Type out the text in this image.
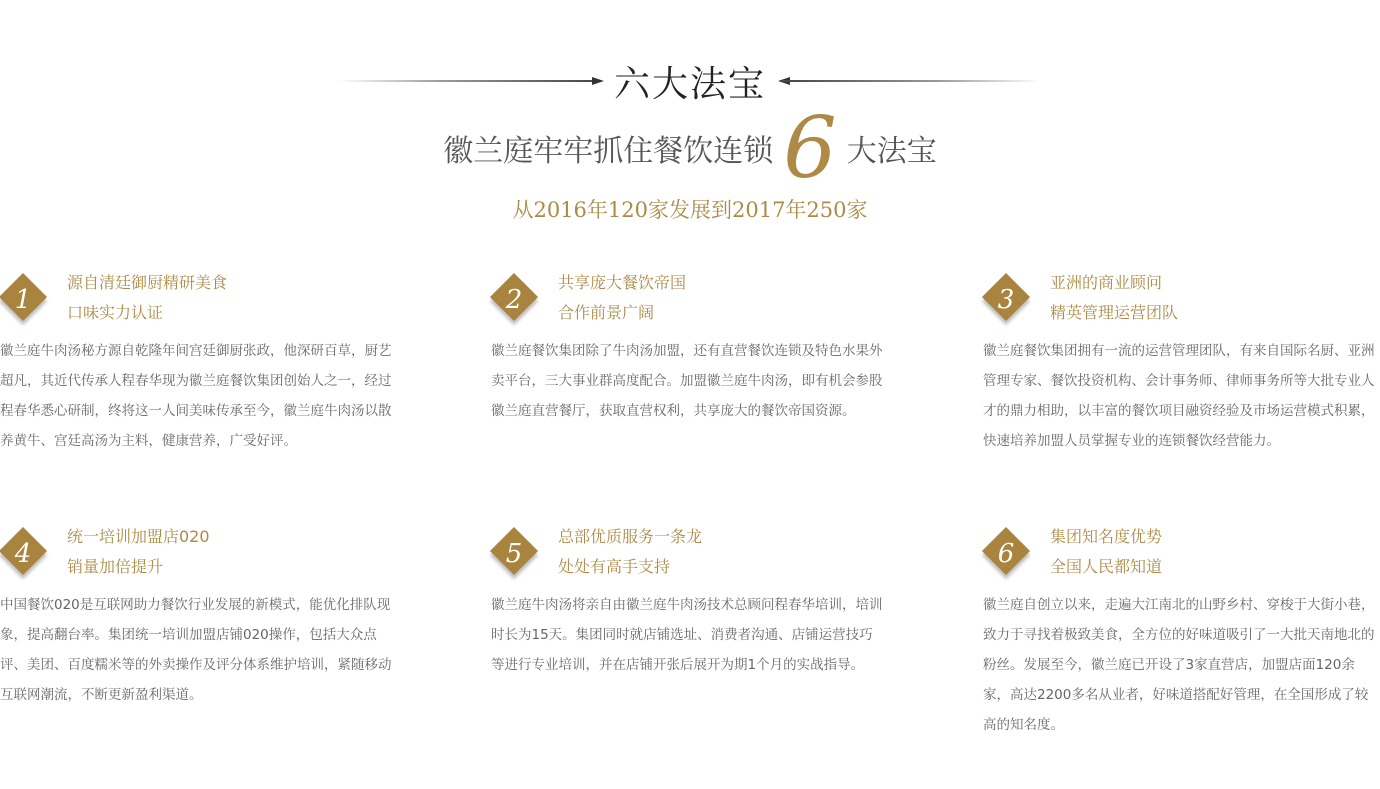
六大法宝
徽兰庭牢牢抓住餐饮连锁 6 大法宝
从2016年120家发展到2017年250家
1
源自清廷御厨精研美食
口味实力认证
徽兰庭牛肉汤秘方源自乾隆年间宫廷御厨张政，他深研百草，厨艺超凡，其近代传承人程春华现为徽兰庭餐饮集团创始人之一，经过程春华悉心研制，终将这一人间美味传承至今，徽兰庭牛肉汤以散养黄牛、宫廷高汤为主料，健康营养，广受好评。
2
共享庞大餐饮帝国
合作前景广阔
徽兰庭餐饮集团除了牛肉汤加盟，还有直营餐饮连锁及特色水果外卖平台，三大事业群高度配合。加盟徽兰庭牛肉汤，即有机会参股徽兰庭直营餐厅，获取直营权利，共享庞大的餐饮帝国资源。
3
亚洲的商业顾问
精英管理运营团队
徽兰庭餐饮集团拥有一流的运营管理团队，有来自国际名厨、亚洲管理专家、餐饮投资机构、会计事务师、律师事务所等大批专业人才的鼎力相助，以丰富的餐饮项目融资经验及市场运营模式积累，快速培养加盟人员掌握专业的连锁餐饮经营能力。
4
统一培训加盟店020
销量加倍提升
中国餐饮020是互联网助力餐饮行业发展的新模式，能优化排队现象，提高翻台率。集团统一培训加盟店铺020操作，包括大众点评、美团、百度糯米等的外卖操作及评分体系维护培训，紧随移动互联网潮流，不断更新盈利渠道。
5
总部优质服务一条龙
处处有高手支持
徽兰庭牛肉汤将亲自由徽兰庭牛肉汤技术总顾问程春华培训，培训时长为15天。集团同时就店铺选址、消费者沟通、店铺运营技巧等进行专业培训，并在店铺开张后展开为期1个月的实战指导。
6
集团知名度优势
全国人民都知道
徽兰庭自创立以来，走遍大江南北的山野乡村、穿梭于大街小巷，致力于寻找着极致美食，全方位的好味道吸引了一大批天南地北的粉丝。发展至今，徽兰庭已开设了3家直营店，加盟店面120余家，高达2200多名从业者，好味道搭配好管理，在全国形成了较高的知名度。
